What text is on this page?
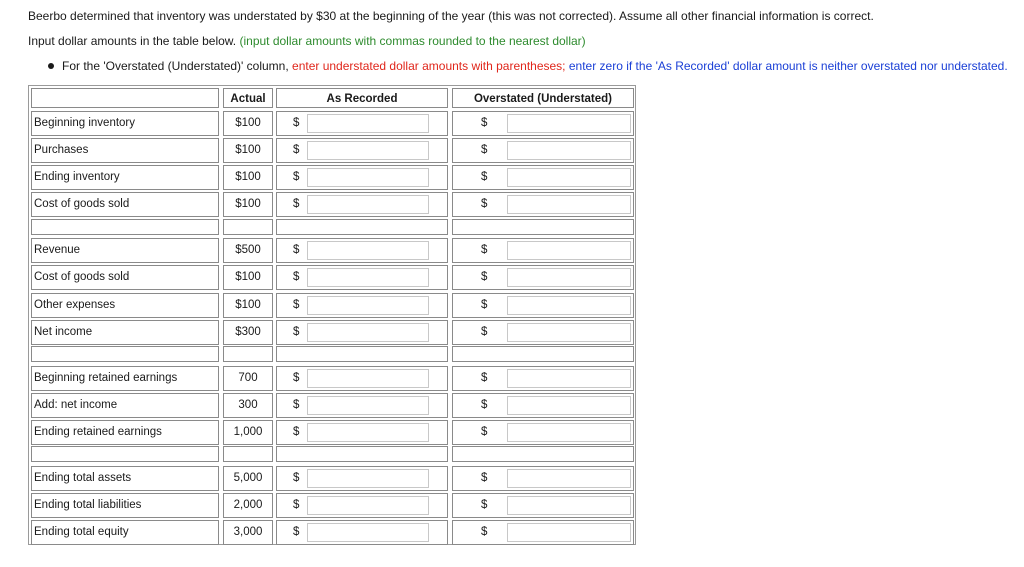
Beerbo determined that inventory was understated by $30 at the beginning of the year (this was not corrected). Assume all other financial information is correct.
Input dollar amounts in the table below. (input dollar amounts with commas rounded to the nearest dollar)
For the 'Overstated (Understated)' column, enter understated dollar amounts with parentheses; enter zero if the 'As Recorded' dollar amount is neither overstated nor understated.
Actual	As Recorded	Overstated (Understated)
Beginning inventory	$100	$	$
Purchases	$100	$	$
Ending inventory	$100	$	$
Cost of goods sold	$100	$	$
Revenue	$500	$	$
Cost of goods sold	$100	$	$
Other expenses	$100	$	$
Net income	$300	$	$
Beginning retained earnings	700	$	$
Add: net income	300	$	$
Ending retained earnings	1,000	$	$
Ending total assets	5,000	$	$
Ending total liabilities	2,000	$	$
Ending total equity	3,000	$	$
